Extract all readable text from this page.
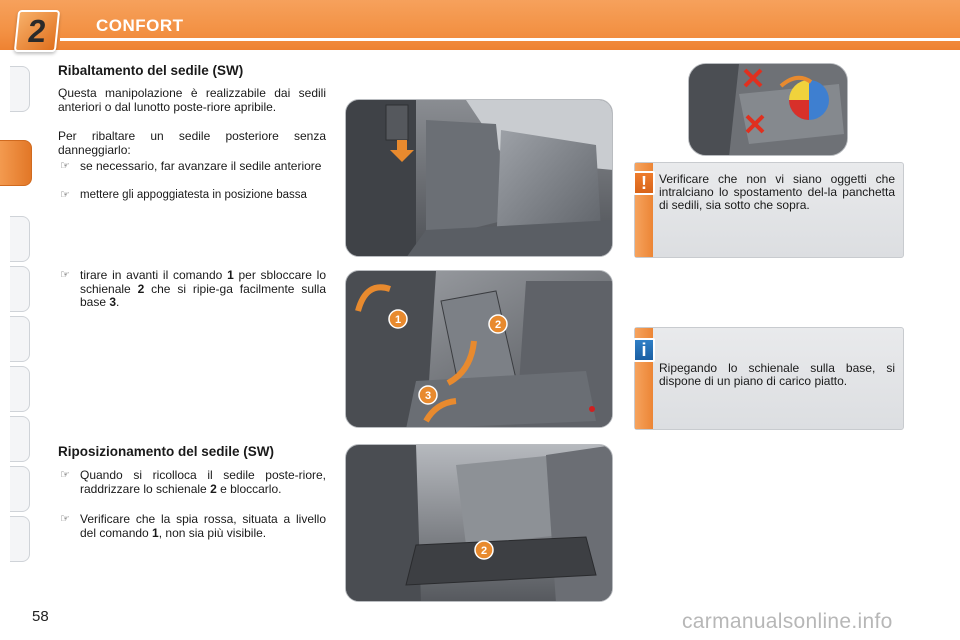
2	CONFORT
Ribaltamento del sedile (SW)
Questa manipolazione è realizzabile dai sedili anteriori o dal lunotto poste-riore apribile.
Per ribaltare un sedile posteriore senza danneggiarlo:
☞ se necessario, far avanzare il sedile anteriore
☞ mettere gli appoggiatesta in posizione bassa
☞ tirare in avanti il comando 1 per sbloccare lo schienale 2 che si ripie-ga facilmente sulla base 3.
Riposizionamento del sedile (SW)
☞ Quando si ricolloca il sedile poste-riore, raddrizzare lo schienale 2 e bloccarlo.
☞ Verificare che la spia rossa, situata a livello del comando 1, non sia più visibile.
1	2
3
2
!	Verificare che non vi siano oggetti che intralciano lo spostamento del-la panchetta di sedili, sia sotto che sopra.
i
Ripegando lo schienale sulla base, si dispone di un piano di carico piatto.
58	carmanualsonline.info
